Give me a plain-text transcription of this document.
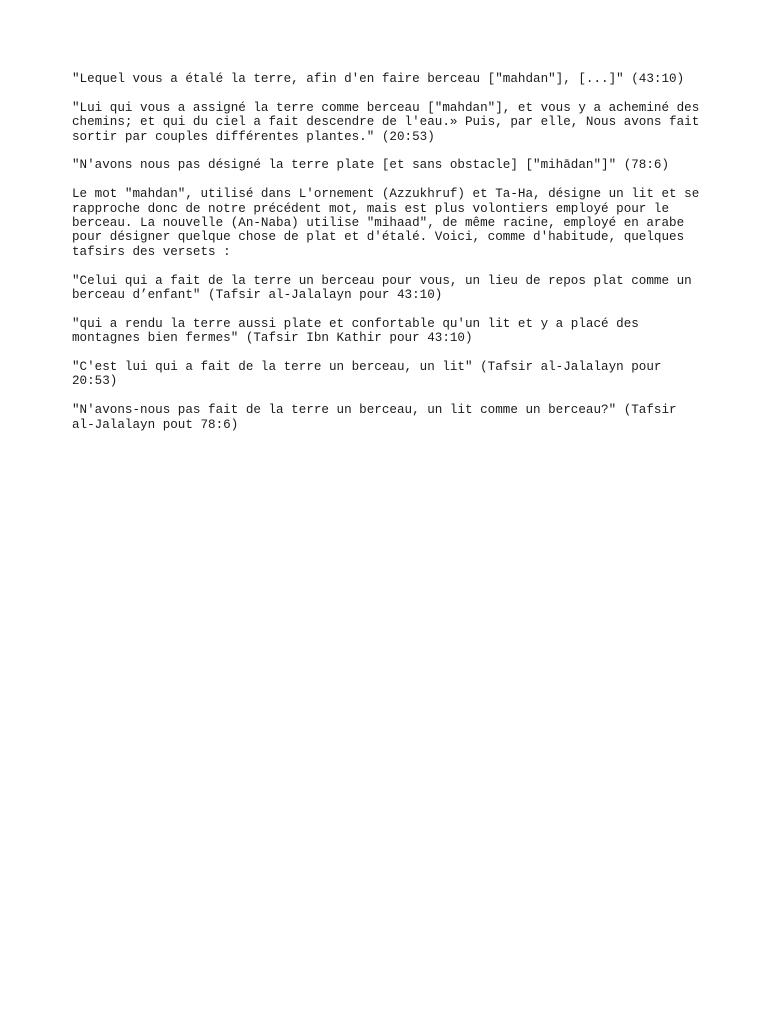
"Lequel vous a étalé la terre, afin d'en faire berceau ["mahdan"], [...]" (43:10)

"Lui qui vous a assigné la terre comme berceau ["mahdan"], et vous y a acheminé des
chemins; et qui du ciel a fait descendre de l'eau.» Puis, par elle, Nous avons fait
sortir par couples différentes plantes." (20:53)

"N'avons nous pas désigné la terre plate [et sans obstacle] ["mihādan"]" (78:6)

Le mot "mahdan", utilisé dans L'ornement (Azzukhruf) et Ta-Ha, désigne un lit et se
rapproche donc de notre précédent mot, mais est plus volontiers employé pour le
berceau. La nouvelle (An-Naba) utilise "mihaad", de même racine, employé en arabe
pour désigner quelque chose de plat et d'étalé. Voici, comme d'habitude, quelques
tafsirs des versets :

"Celui qui a fait de la terre un berceau pour vous, un lieu de repos plat comme un
berceau d’enfant" (Tafsir al-Jalalayn pour 43:10)

"qui a rendu la terre aussi plate et confortable qu'un lit et y a placé des
montagnes bien fermes" (Tafsir Ibn Kathir pour 43:10)

"C'est lui qui a fait de la terre un berceau, un lit" (Tafsir al-Jalalayn pour
20:53)

"N'avons-nous pas fait de la terre un berceau, un lit comme un berceau?" (Tafsir
al-Jalalayn pout 78:6)
